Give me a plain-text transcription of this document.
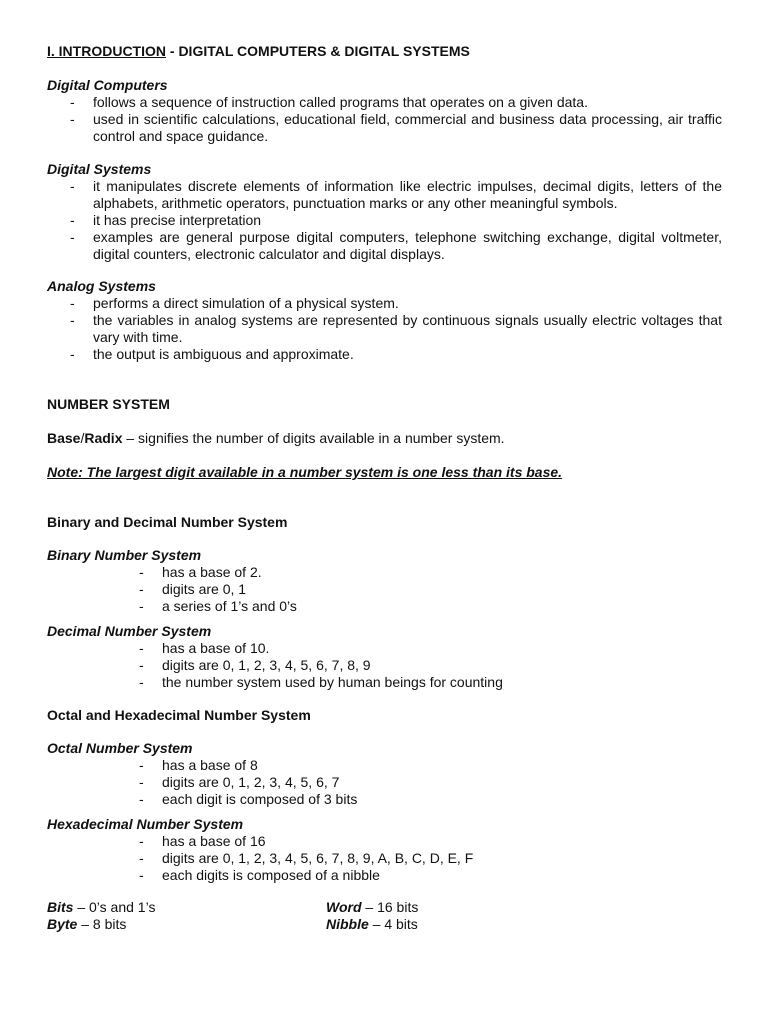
I. INTRODUCTION - DIGITAL COMPUTERS & DIGITAL SYSTEMS
Digital Computers
- follows a sequence of instruction called programs that operates on a given data.
- used in scientific calculations, educational field, commercial and business data processing, air traffic control and space guidance.
Digital Systems
- it manipulates discrete elements of information like electric impulses, decimal digits, letters of the alphabets, arithmetic operators, punctuation marks or any other meaningful symbols.
- it has precise interpretation
- examples are general purpose digital computers, telephone switching exchange, digital voltmeter, digital counters, electronic calculator and digital displays.
Analog Systems
- performs a direct simulation of a physical system.
- the variables in analog systems are represented by continuous signals usually electric voltages that vary with time.
- the output is ambiguous and approximate.
NUMBER SYSTEM
Base/Radix – signifies the number of digits available in a number system.
Note: The largest digit available in a number system is one less than its base.
Binary and Decimal Number System
Binary Number System
- has a base of 2.
- digits are 0, 1
- a series of 1’s and 0’s
Decimal Number System
- has a base of 10.
- digits are 0, 1, 2, 3, 4, 5, 6, 7, 8, 9
- the number system used by human beings for counting
Octal and Hexadecimal Number System
Octal Number System
- has a base of 8
- digits are 0, 1, 2, 3, 4, 5, 6, 7
- each digit is composed of 3 bits
Hexadecimal Number System
- has a base of 16
- digits are 0, 1, 2, 3, 4, 5, 6, 7, 8, 9, A, B, C, D, E, F
- each digits is composed of a nibble
Bits – 0’s and 1’s
Byte – 8 bits
Word – 16 bits
Nibble – 4 bits
